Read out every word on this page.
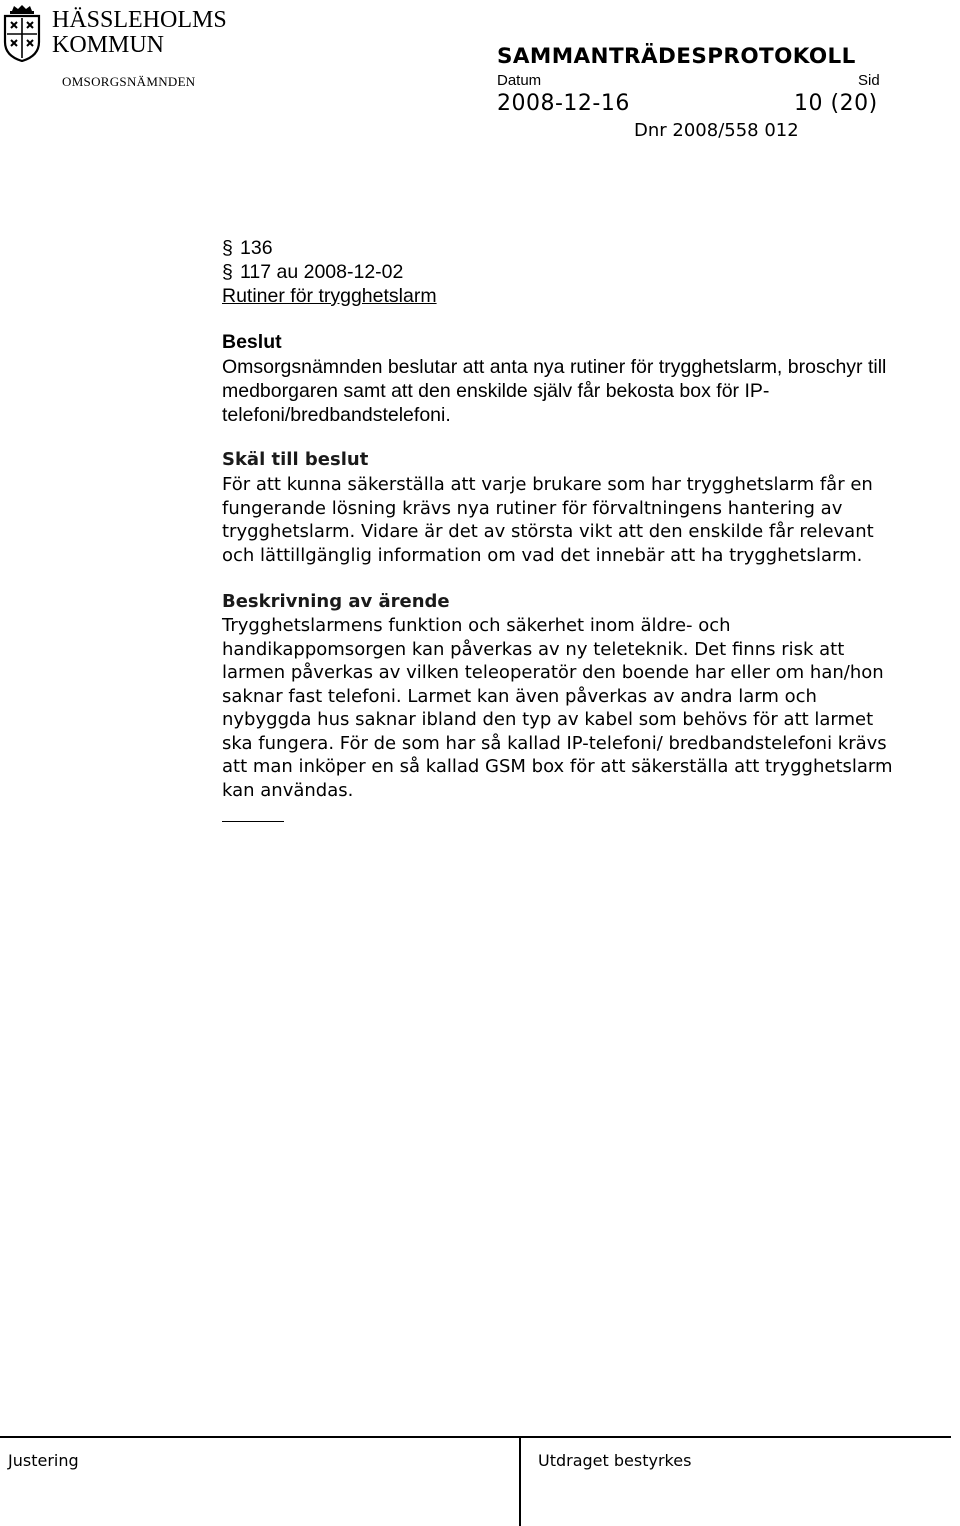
HÄSSLEHOLMS
KOMMUN
OMSORGSNÄMNDEN
SAMMANTRÄDESPROTOKOLL
Datum	Sid
2008-12-16	10 (20)
Dnr 2008/558 012
§ 136
§ 117 au 2008-12-02
Rutiner för trygghetslarm
Beslut
Omsorgsnämnden beslutar att anta nya rutiner för trygghetslarm, broschyr till medborgaren samt att den enskilde själv får bekosta box för IP-telefoni/bredbandstelefoni.
Skäl till beslut
För att kunna säkerställa att varje brukare som har trygghetslarm får en
fungerande lösning krävs nya rutiner för förvaltningens hantering av
trygghetslarm. Vidare är det av största vikt att den enskilde får relevant
och lättillgänglig information om vad det innebär att ha trygghetslarm.
Beskrivning av ärende
Trygghetslarmens funktion och säkerhet inom äldre- och
handikappomsorgen kan påverkas av ny teleteknik. Det finns risk att
larmen påverkas av vilken teleoperatör den boende har eller om han/hon
saknar fast telefoni. Larmet kan även påverkas av andra larm och
nybyggda hus saknar ibland den typ av kabel som behövs för att larmet
ska fungera. För de som har så kallad IP-telefoni/ bredbandstelefoni krävs
att man inköper en så kallad GSM box för att säkerställa att trygghetslarm
kan användas.
Justering	Utdraget bestyrkes
